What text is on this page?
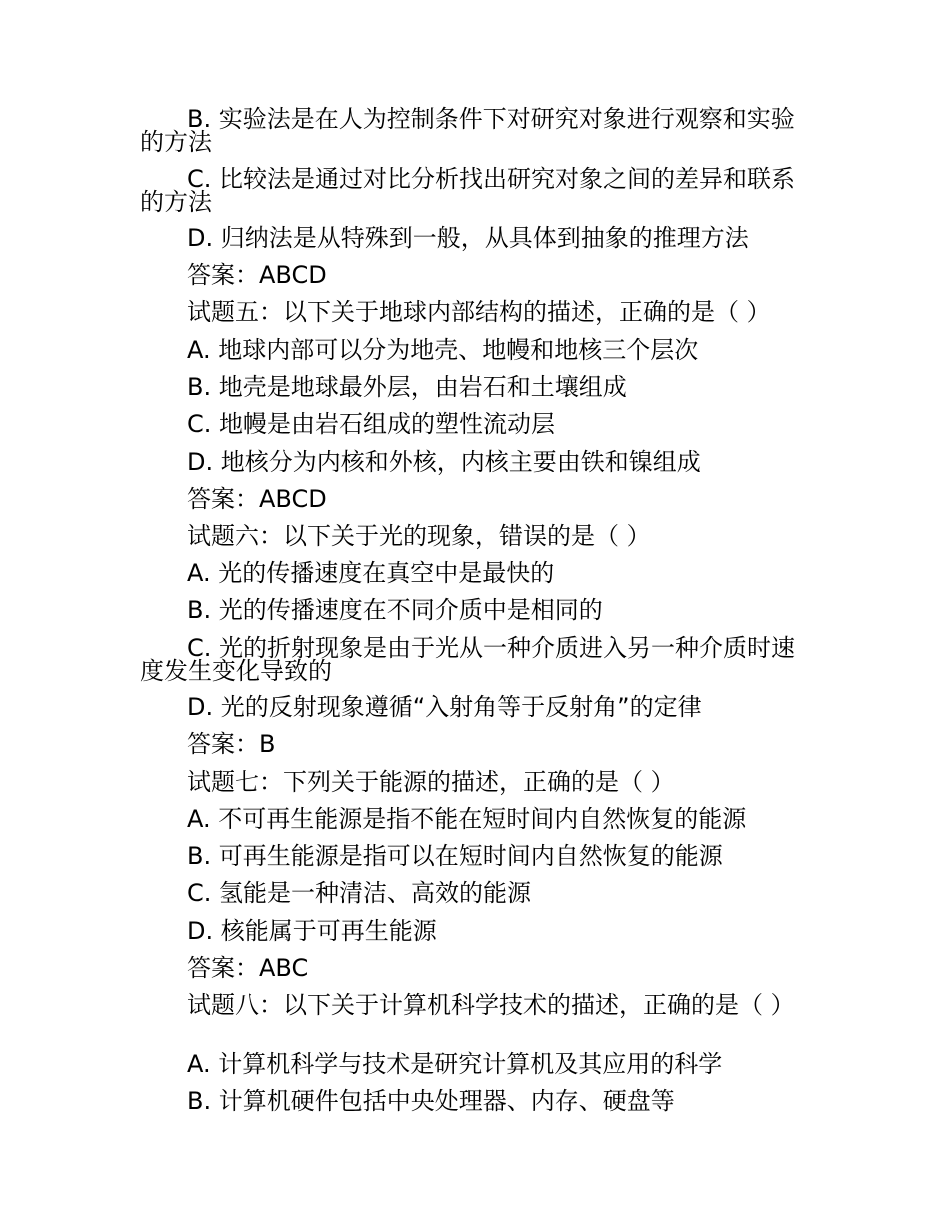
B. 实验法是在人为控制条件下对研究对象进行观察和实验的方法

C. 比较法是通过对比分析找出研究对象之间的差异和联系的方法

D. 归纳法是从特殊到一般，从具体到抽象的推理方法

答案：ABCD

试题五：以下关于地球内部结构的描述，正确的是（ ）

A. 地球内部可以分为地壳、地幔和地核三个层次

B. 地壳是地球最外层，由岩石和土壤组成

C. 地幔是由岩石组成的塑性流动层

D. 地核分为内核和外核，内核主要由铁和镍组成

答案：ABCD

试题六：以下关于光的现象，错误的是（ ）

A. 光的传播速度在真空中是最快的

B. 光的传播速度在不同介质中是相同的

C. 光的折射现象是由于光从一种介质进入另一种介质时速度发生变化导致的

D. 光的反射现象遵循“入射角等于反射角”的定律

答案：B

试题七：下列关于能源的描述，正确的是（ ）

A. 不可再生能源是指不能在短时间内自然恢复的能源

B. 可再生能源是指可以在短时间内自然恢复的能源

C. 氢能是一种清洁、高效的能源

D. 核能属于可再生能源

答案：ABC

试题八：以下关于计算机科学技术的描述，正确的是（ ）

A. 计算机科学与技术是研究计算机及其应用的科学

B. 计算机硬件包括中央处理器、内存、硬盘等
